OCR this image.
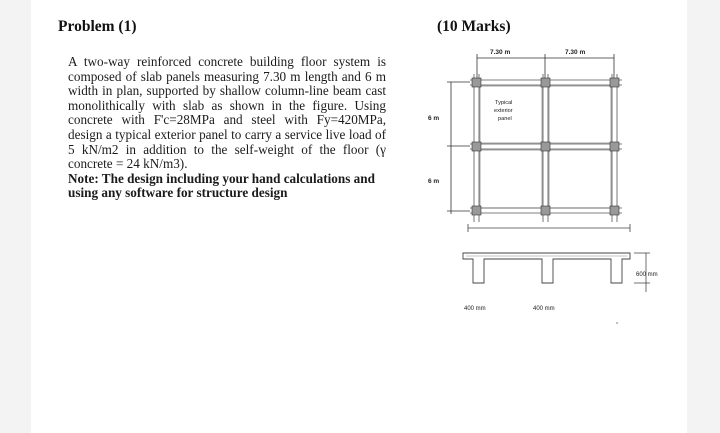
Problem (1)	(10 Marks)

A two-way reinforced concrete building floor system is composed of slab panels measuring 7.30 m length and 6 m width in plan, supported by shallow column-line beam cast monolithically with slab as shown in the figure. Using concrete with F'c=28MPa and steel with Fy=420MPa, design a typical exterior panel to carry a service live load of 5 kN/m2 in addition to the self-weight of the floor (γ concrete = 24 kN/m3).

Note: The design including your hand calculations and using any software for structure design

7.30 m	7.30 m
6 m
6 m
Typical
exterior
panel
600 mm
400 mm	400 mm
